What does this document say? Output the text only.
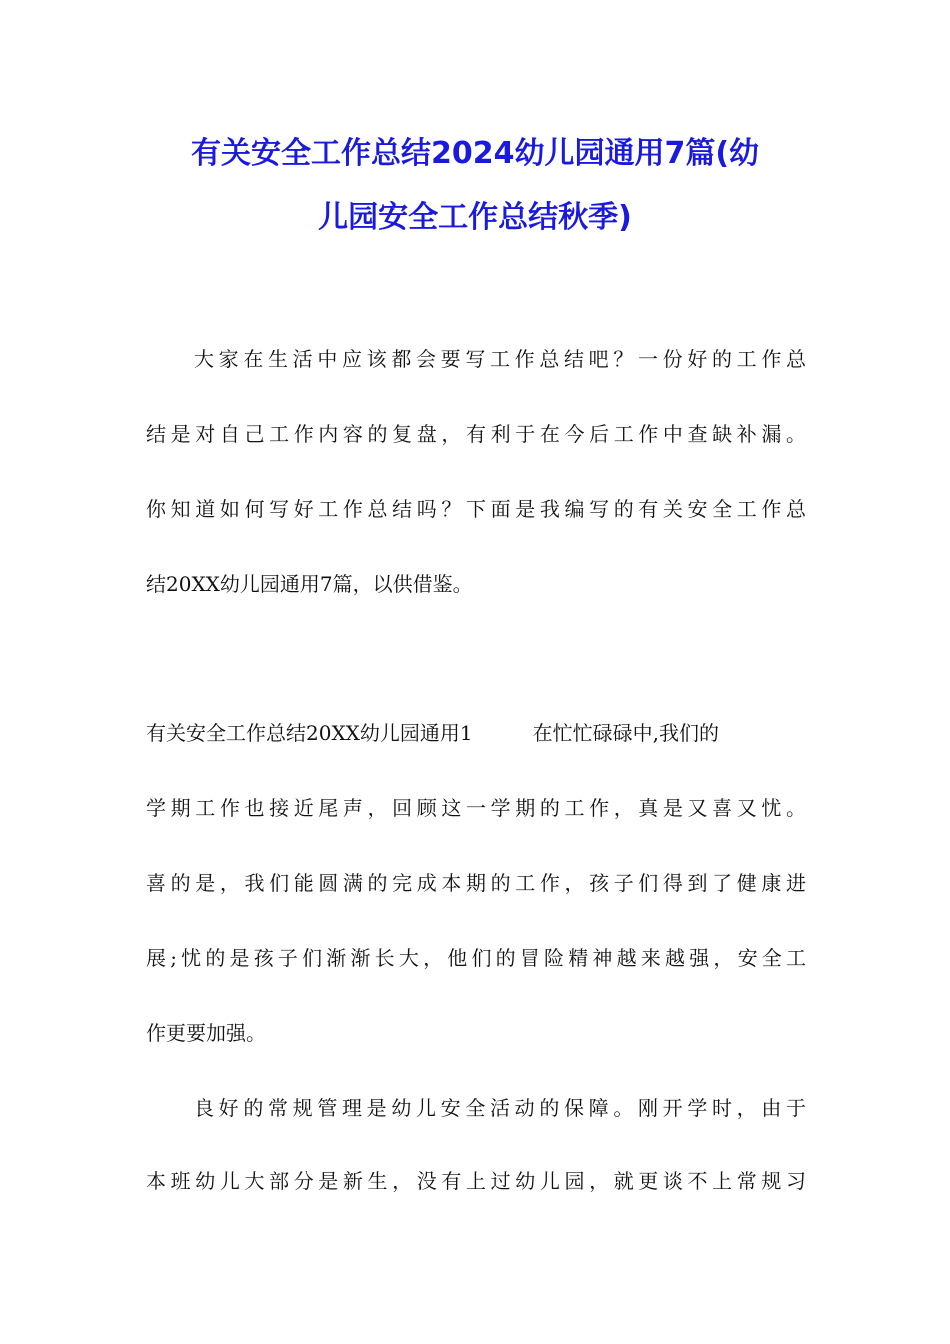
有关安全工作总结2024幼儿园通用7篇(幼
儿园安全工作总结秋季)
大家在生活中应该都会要写工作总结吧？一份好的工作总
结是对自己工作内容的复盘，有利于在今后工作中查缺补漏。
你知道如何写好工作总结吗？下面是我编写的有关安全工作总
结20XX幼儿园通用7篇，以供借鉴。
有关安全工作总结20XX幼儿园通用1	在忙忙碌碌中,我们的
学期工作也接近尾声，回顾这一学期的工作，真是又喜又忧。
喜的是，我们能圆满的完成本期的工作，孩子们得到了健康进
展;忧的是孩子们渐渐长大，他们的冒险精神越来越强，安全工
作更要加强。
良好的常规管理是幼儿安全活动的保障。刚开学时，由于
本班幼儿大部分是新生，没有上过幼儿园，就更谈不上常规习
